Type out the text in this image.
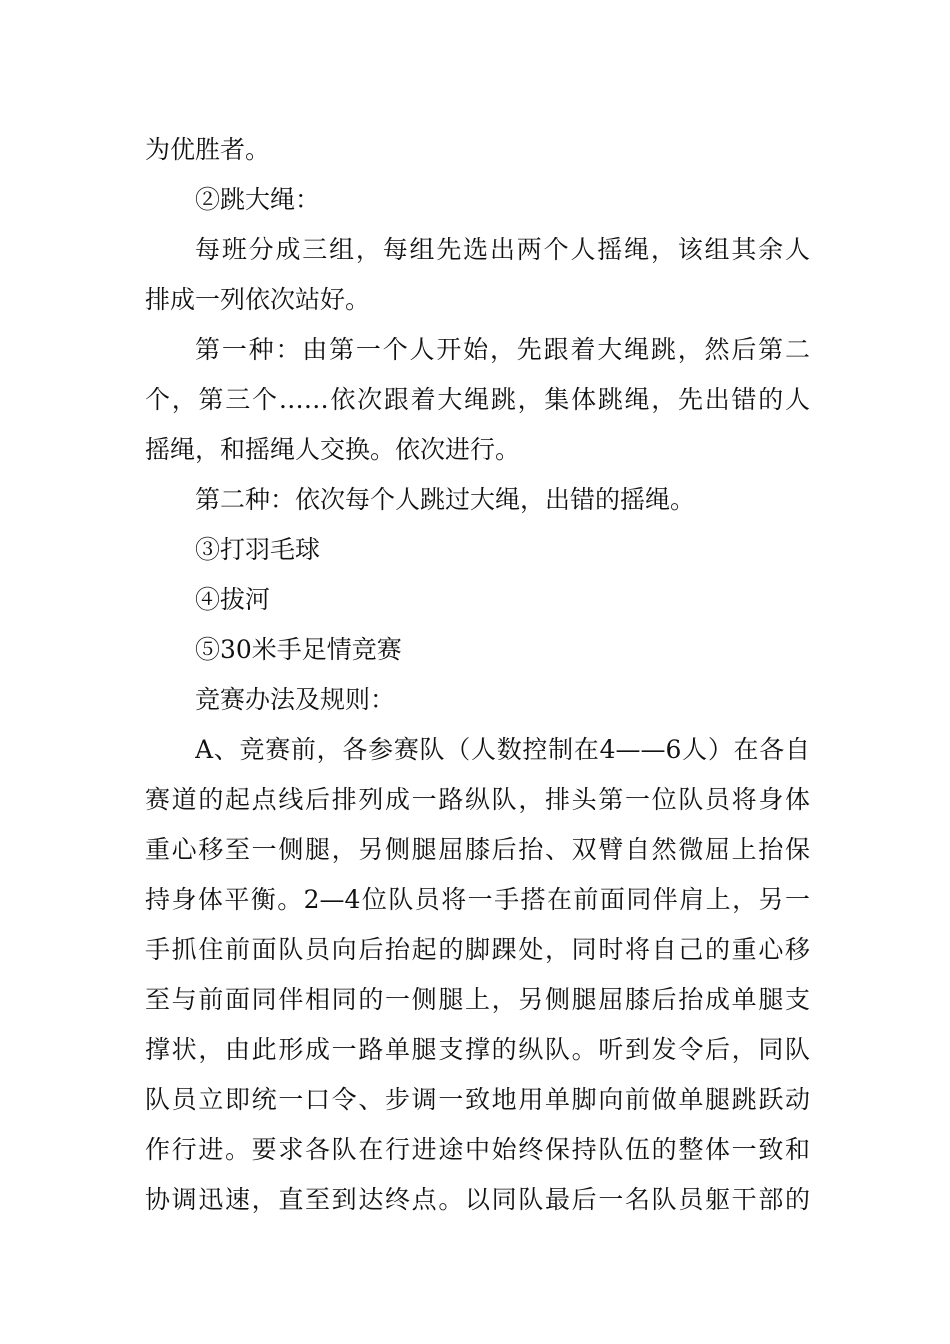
为优胜者。
②跳大绳：
每班分成三组，每组先选出两个人摇绳，该组其余人
排成一列依次站好。
第一种：由第一个人开始，先跟着大绳跳，然后第二
个，第三个……依次跟着大绳跳，集体跳绳，先出错的人
摇绳，和摇绳人交换。依次进行。
第二种：依次每个人跳过大绳，出错的摇绳。
③打羽毛球
④拔河
⑤30米手足情竞赛
竞赛办法及规则：
A、竞赛前，各参赛队（人数控制在4——6人）在各自
赛道的起点线后排列成一路纵队，排头第一位队员将身体
重心移至一侧腿，另侧腿屈膝后抬、双臂自然微屈上抬保
持身体平衡。2—4位队员将一手搭在前面同伴肩上，另一
手抓住前面队员向后抬起的脚踝处，同时将自己的重心移
至与前面同伴相同的一侧腿上，另侧腿屈膝后抬成单腿支
撑状，由此形成一路单腿支撑的纵队。听到发令后，同队
队员立即统一口令、步调一致地用单脚向前做单腿跳跃动
作行进。要求各队在行进途中始终保持队伍的整体一致和
协调迅速，直至到达终点。以同队最后一名队员躯干部的
